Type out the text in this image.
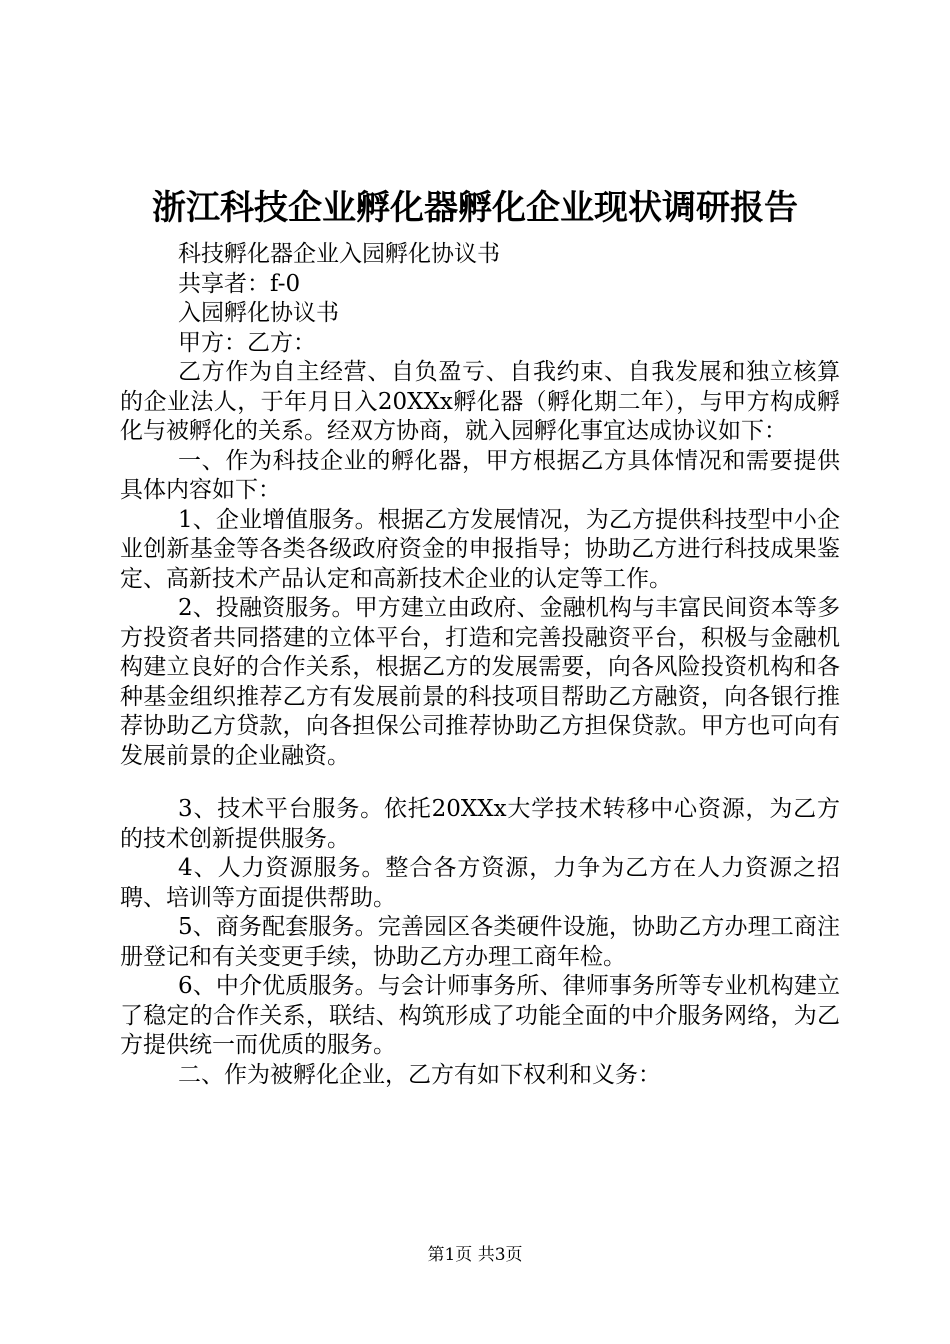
浙江科技企业孵化器孵化企业现状调研报告

科技孵化器企业入园孵化协议书

共享者：f-0

入园孵化协议书

甲方：乙方：

乙方作为自主经营、自负盈亏、自我约束、自我发展和独立核算的企业法人，于年月日入20XXx孵化器（孵化期二年），与甲方构成孵化与被孵化的关系。经双方协商，就入园孵化事宜达成协议如下：

一、作为科技企业的孵化器，甲方根据乙方具体情况和需要提供具体内容如下：

1、企业增值服务。根据乙方发展情况，为乙方提供科技型中小企业创新基金等各类各级政府资金的申报指导；协助乙方进行科技成果鉴定、高新技术产品认定和高新技术企业的认定等工作。

2、投融资服务。甲方建立由政府、金融机构与丰富民间资本等多方投资者共同搭建的立体平台，打造和完善投融资平台，积极与金融机构建立良好的合作关系，根据乙方的发展需要，向各风险投资机构和各种基金组织推荐乙方有发展前景的科技项目帮助乙方融资，向各银行推荐协助乙方贷款，向各担保公司推荐协助乙方担保贷款。甲方也可向有发展前景的企业融资。

3、技术平台服务。依托20XXx大学技术转移中心资源，为乙方的技术创新提供服务。

4、人力资源服务。整合各方资源，力争为乙方在人力资源之招聘、培训等方面提供帮助。

5、商务配套服务。完善园区各类硬件设施，协助乙方办理工商注册登记和有关变更手续，协助乙方办理工商年检。

6、中介优质服务。与会计师事务所、律师事务所等专业机构建立了稳定的合作关系，联结、构筑形成了功能全面的中介服务网络，为乙方提供统一而优质的服务。

二、作为被孵化企业，乙方有如下权利和义务：

第1页 共3页
